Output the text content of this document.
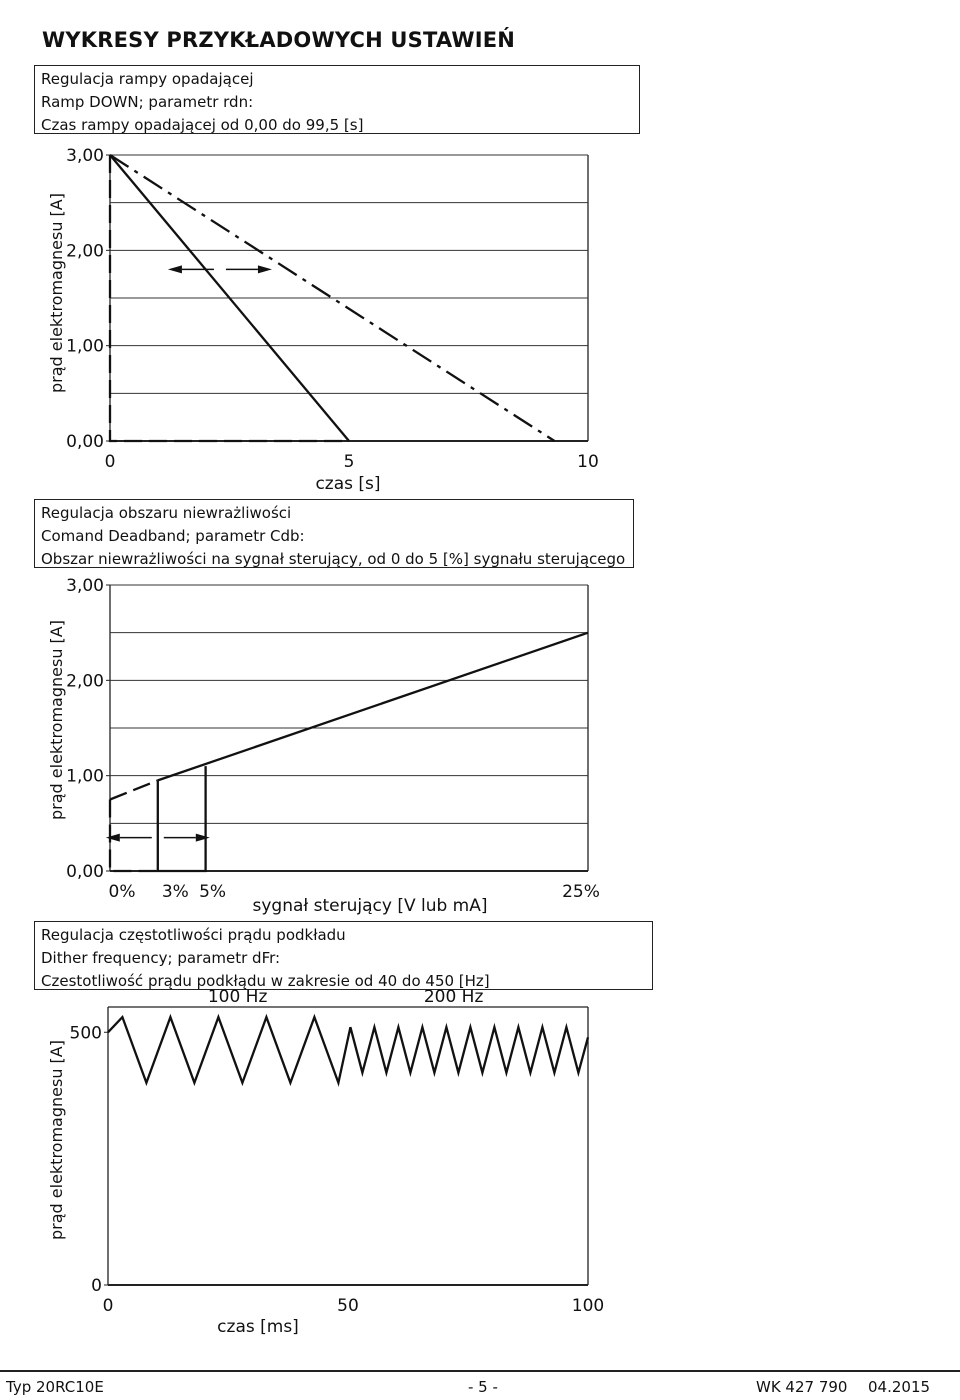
WYKRESY PRZYKŁADOWYCH USTAWIEŃ
Regulacja rampy opadającej
Ramp DOWN; parametr rdn:
Czas rampy opadającej od 0,00 do 99,5 [s]
0,00
1,00
2,00
3,00
0	5	10
czas [s]
prąd elektromagnesu [A]
Regulacja obszaru niewrażliwości
Comand Deadband; parametr Cdb:
Obszar niewrażliwości na sygnał sterujący, od 0 do 5 [%] sygnału sterującego
0,00
1,00
2,00
3,00
0% 3% 5%	25%
sygnał sterujący [V lub mA]
prąd elektromagnesu [A]
Regulacja częstotliwości prądu podkładu
Dither frequency; parametr dFr:
Czestotliwość prądu podkłądu w zakresie od 40 do 450 [Hz]
0
500
0	50	100
czas [ms]
prąd elektromagnesu [A]
100 Hz	200 Hz
Typ 20RC10E	- 5 -	WK 427 790 04.2015
